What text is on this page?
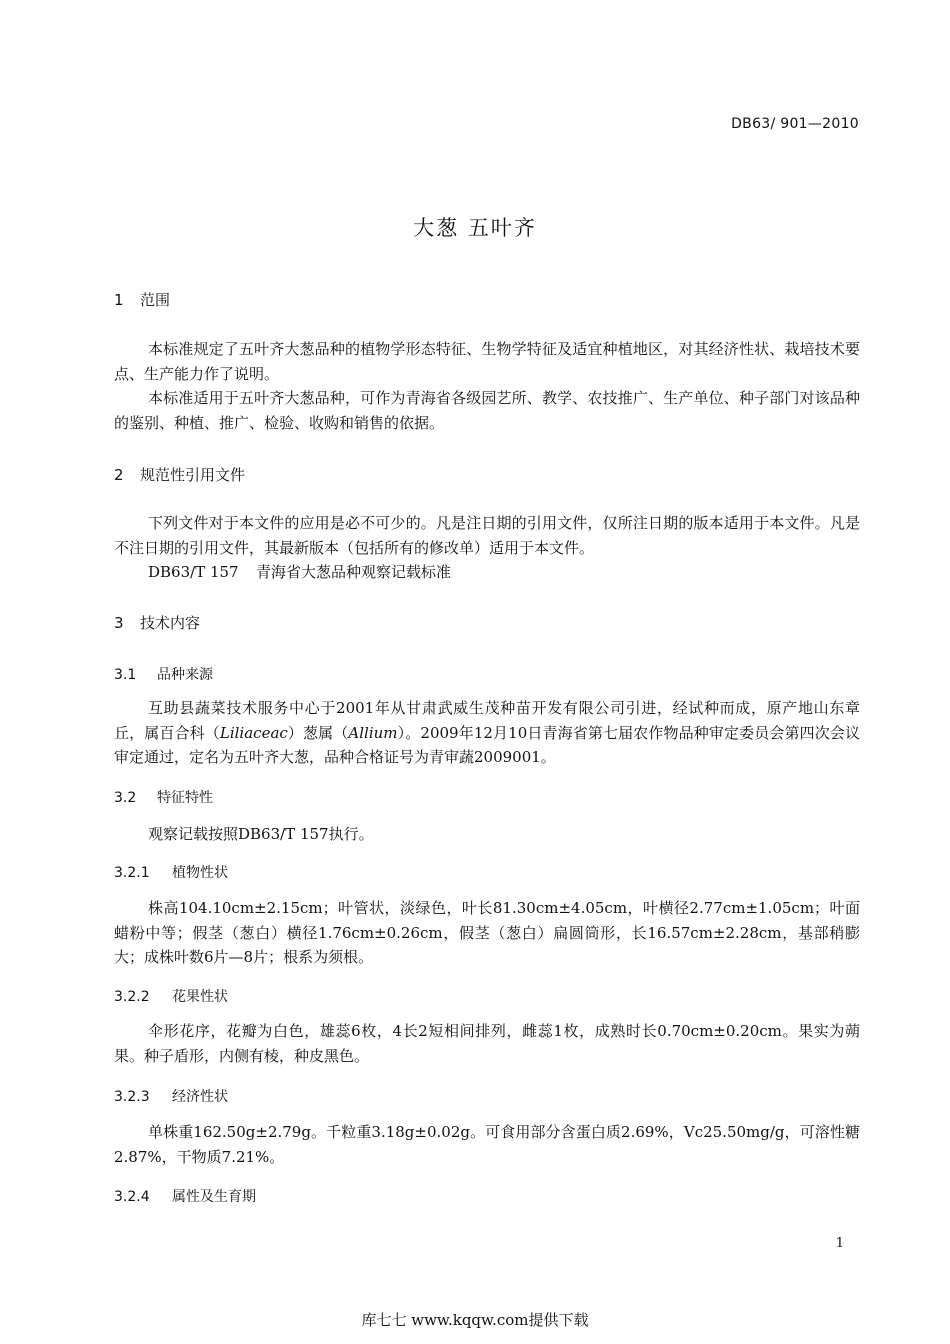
DB63/ 901—2010
大葱 五叶齐
1 范围
本标准规定了五叶齐大葱品种的植物学形态特征、生物学特征及适宜种植地区，对其经济性状、栽培技术要点、生产能力作了说明。
本标准适用于五叶齐大葱品种，可作为青海省各级园艺所、教学、农技推广、生产单位、种子部门对该品种的鉴别、种植、推广、检验、收购和销售的依据。
2 规范性引用文件
下列文件对于本文件的应用是必不可少的。凡是注日期的引用文件，仅所注日期的版本适用于本文件。凡是不注日期的引用文件，其最新版本（包括所有的修改单）适用于本文件。
DB63/T 157 青海省大葱品种观察记载标准
3 技术内容
3.1 品种来源
互助县蔬菜技术服务中心于2001年从甘肃武威生茂种苗开发有限公司引进，经试种而成，原产地山东章丘，属百合科（Liliaceac）葱属（Allium）。2009年12月10日青海省第七届农作物品种审定委员会第四次会议审定通过，定名为五叶齐大葱，品种合格证号为青审蔬2009001。
3.2 特征特性
观察记载按照DB63/T 157执行。
3.2.1 植物性状
株高104.10cm±2.15cm；叶管状，淡绿色，叶长81.30cm±4.05cm，叶横径2.77cm±1.05cm；叶面蜡粉中等；假茎（葱白）横径1.76cm±0.26cm，假茎（葱白）扁圆筒形，长16.57cm±2.28cm，基部稍膨大；成株叶数6片—8片；根系为须根。
3.2.2 花果性状
伞形花序，花瓣为白色，雄蕊6枚，4长2短相间排列，雌蕊1枚，成熟时长0.70cm±0.20cm。果实为蒴果。种子盾形，内侧有棱，种皮黑色。
3.2.3 经济性状
单株重162.50g±2.79g。千粒重3.18g±0.02g。可食用部分含蛋白质2.69%，Vc25.50mg/g，可溶性糖2.87%，干物质7.21%。
3.2.4 属性及生育期
1
库七七 www.kqqw.com提供下载
